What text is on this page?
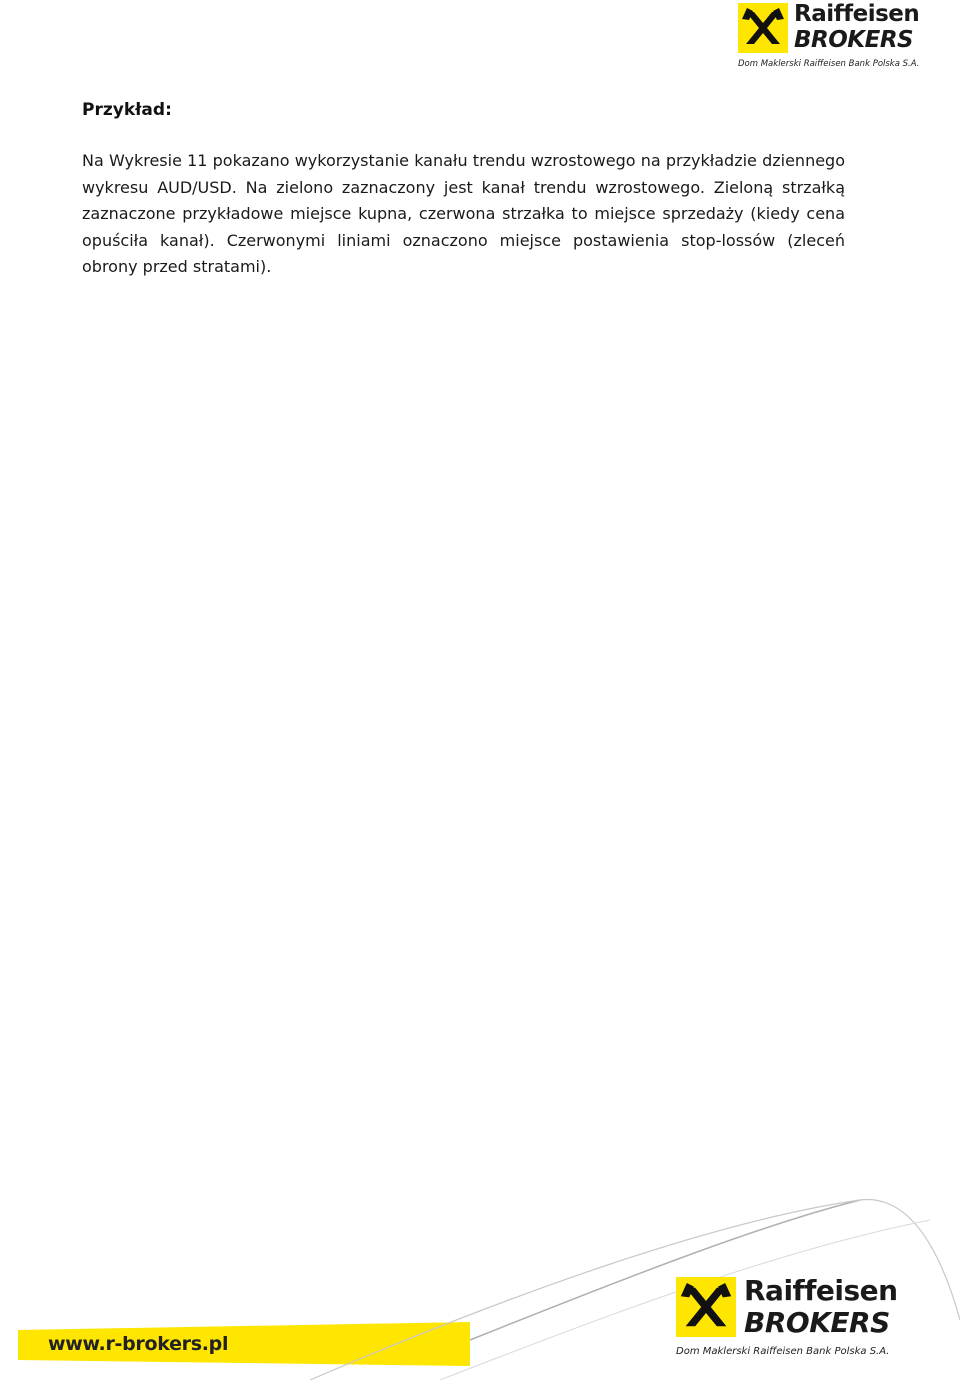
Raiffeisen
BROKERS
Dom Maklerski Raiffeisen Bank Polska S.A.
Przykład:

Na Wykresie 11 pokazano wykorzystanie kanału trendu wzrostowego na przykładzie dziennego wykresu AUD/USD. Na zielono zaznaczony jest kanał trendu wzrostowego. Zieloną strzałką zaznaczone przykładowe miejsce kupna, czerwona strzałka to miejsce sprzedaży (kiedy cena opuściła kanał). Czerwonymi liniami oznaczono miejsce postawienia stop-lossów (zleceń obrony przed stratami).

www.r-brokers.pl
Raiffeisen
BROKERS
Dom Maklerski Raiffeisen Bank Polska S.A.
